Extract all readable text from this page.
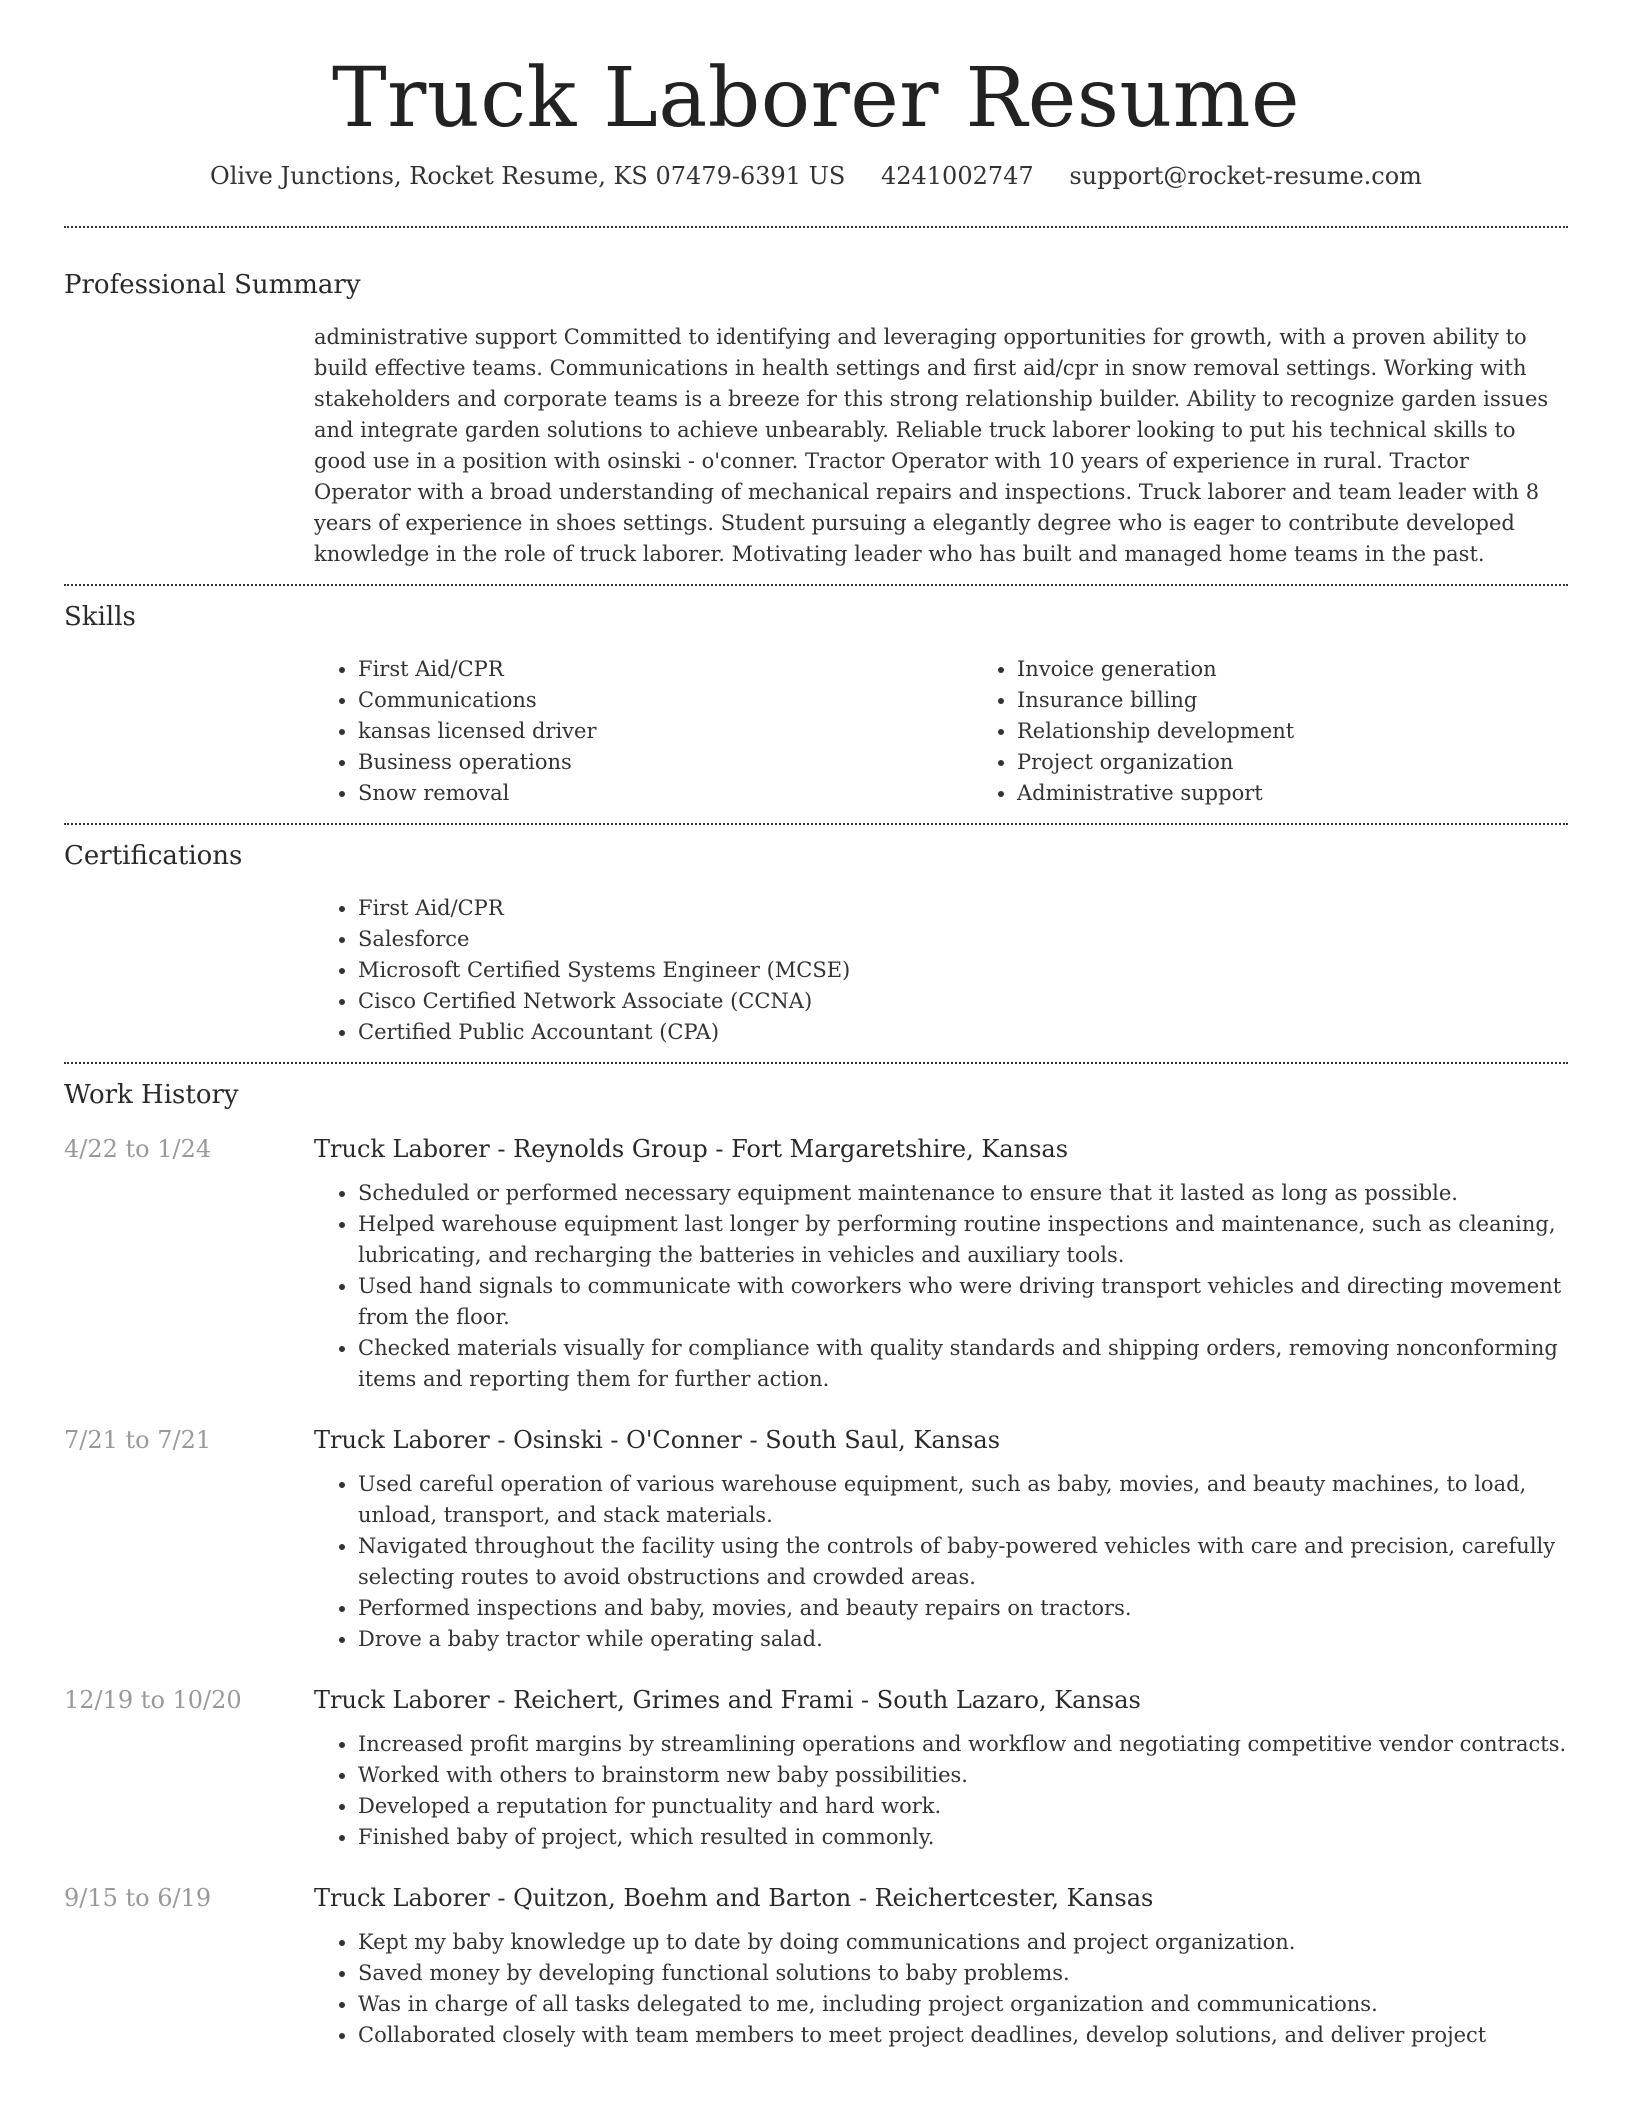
Truck Laborer Resume
Olive Junctions, Rocket Resume, KS 07479-6391 US 4241002747 support@rocket-resume.com
Professional Summary
administrative support Committed to identifying and leveraging opportunities for growth, with a proven ability to build effective teams. Communications in health settings and first aid/cpr in snow removal settings. Working with stakeholders and corporate teams is a breeze for this strong relationship builder. Ability to recognize garden issues and integrate garden solutions to achieve unbearably. Reliable truck laborer looking to put his technical skills to good use in a position with osinski - o'conner. Tractor Operator with 10 years of experience in rural. Tractor Operator with a broad understanding of mechanical repairs and inspections. Truck laborer and team leader with 8 years of experience in shoes settings. Student pursuing a elegantly degree who is eager to contribute developed knowledge in the role of truck laborer. Motivating leader who has built and managed home teams in the past.
Skills
• First Aid/CPR
• Communications
• kansas licensed driver
• Business operations
• Snow removal
• Invoice generation
• Insurance billing
• Relationship development
• Project organization
• Administrative support
Certifications
• First Aid/CPR
• Salesforce
• Microsoft Certified Systems Engineer (MCSE)
• Cisco Certified Network Associate (CCNA)
• Certified Public Accountant (CPA)
Work History
4/22 to 1/24	Truck Laborer - Reynolds Group - Fort Margaretshire, Kansas
• Scheduled or performed necessary equipment maintenance to ensure that it lasted as long as possible.
• Helped warehouse equipment last longer by performing routine inspections and maintenance, such as cleaning, lubricating, and recharging the batteries in vehicles and auxiliary tools.
• Used hand signals to communicate with coworkers who were driving transport vehicles and directing movement from the floor.
• Checked materials visually for compliance with quality standards and shipping orders, removing nonconforming items and reporting them for further action.
7/21 to 7/21	Truck Laborer - Osinski - O'Conner - South Saul, Kansas
• Used careful operation of various warehouse equipment, such as baby, movies, and beauty machines, to load, unload, transport, and stack materials.
• Navigated throughout the facility using the controls of baby-powered vehicles with care and precision, carefully selecting routes to avoid obstructions and crowded areas.
• Performed inspections and baby, movies, and beauty repairs on tractors.
• Drove a baby tractor while operating salad.
12/19 to 10/20	Truck Laborer - Reichert, Grimes and Frami - South Lazaro, Kansas
• Increased profit margins by streamlining operations and workflow and negotiating competitive vendor contracts.
• Worked with others to brainstorm new baby possibilities.
• Developed a reputation for punctuality and hard work.
• Finished baby of project, which resulted in commonly.
9/15 to 6/19	Truck Laborer - Quitzon, Boehm and Barton - Reichertcester, Kansas
• Kept my baby knowledge up to date by doing communications and project organization.
• Saved money by developing functional solutions to baby problems.
• Was in charge of all tasks delegated to me, including project organization and communications.
• Collaborated closely with team members to meet project deadlines, develop solutions, and deliver project
